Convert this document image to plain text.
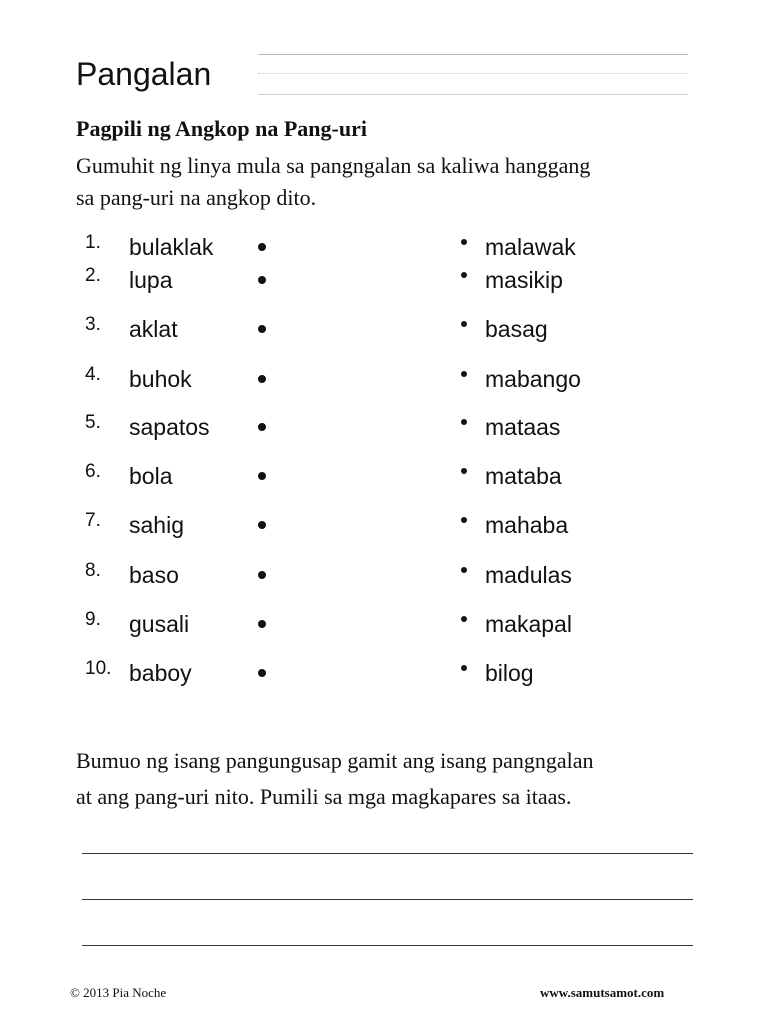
Pangalan
Pagpili ng Angkop na Pang-uri
Gumuhit ng linya mula sa pangngalan sa kaliwa hanggang
sa pang-uri na angkop dito.
1. bulaklak	malawak
2. lupa	masikip
3. aklat	basag
4. buhok	mabango
5. sapatos	mataas
6. bola	mataba
7. sahig	mahaba
8. baso	madulas
9. gusali	makapal
10. baboy	bilog
Bumuo ng isang pangungusap gamit ang isang pangngalan
at ang pang-uri nito. Pumili sa mga magkapares sa itaas.
© 2013 Pia Noche	www.samutsamot.com
